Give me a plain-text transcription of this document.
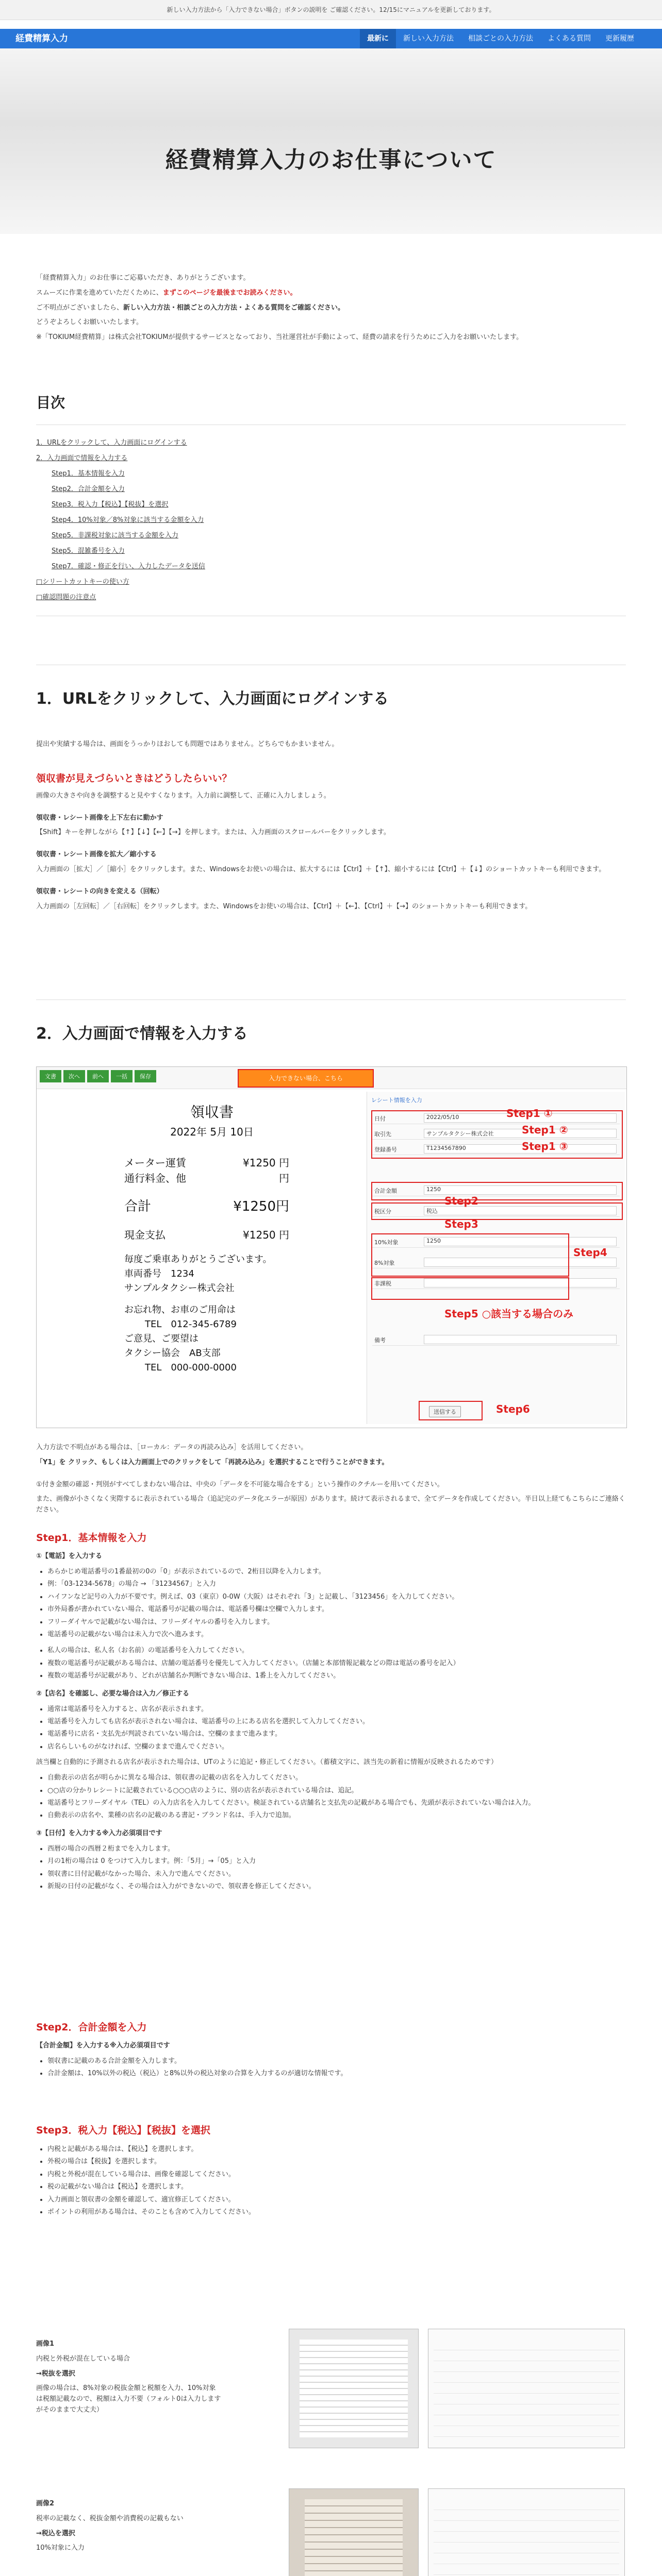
新しい入力方法から「入力できない場合」ボタンの説明を ご確認ください。12/15にマニュアルを更新しております。
経費精算入力	最新に	新しい入力方法	相談ごとの入力方法	よくある質問	更新履歴
経費精算入力のお仕事について

「経費精算入力」のお仕事にご応募いただき、ありがとうございます。

スムーズに作業を進めていただくために、まずこのページを最後までお読みください。

ご不明点がございましたら、新しい入力方法・相談ごとの入力方法・よくある質問をご確認ください。

どうぞよろしくお願いいたします。

※「TOKIUM経費精算」は株式会社TOKIUMが提供するサービスとなっており、当社運営社が手動によって、経費の請求を行うためにご入力をお願いいたします。

目次
1．URLをクリックして、入力画面にログインする
2．入力画面で情報を入力する
Step1．基本情報を入力
Step2．合計金額を入力
Step3．税入力【税込】【税抜】を選択
Step4．10%対象／8%対象に該当する金額を入力
Step5．非課税対象に該当する金額を入力
Step5．混雑番号を入力
Step7．確認・修正を行い、入力したデータを送信
□シリートカットキーの使い方
□確認問題の注意点
1．URLをクリックして、入力画面にログインする

提出や実績する場合は、画面をうっかりほおしても問題ではありません。どちらでもかまいません。

領収書が見えづらいときはどうしたらいい？

画像の大きさや向きを調整すると見やすくなります。入力前に調整して、正確に入力しましょう。

領収書・レシート画像を上下左右に動かす

【Shift】キーを押しながら【↑】【↓】【←】【→】を押します。または、入力画面のスクロールバーをクリックします。

領収書・レシート画像を拡大／縮小する

入力画面の［拡大］／［縮小］をクリックします。また、Windowsをお使いの場合は、拡大するには【Ctrl】＋【↑】、縮小するには【Ctrl】＋【↓】のショートカットキーも利用できます。

領収書・レシートの向きを変える（回転）

入力画面の［左回転］／［右回転］をクリックします。また、Windowsをお使いの場合は、【Ctrl】＋【←】、【Ctrl】＋【→】のショートカットキーも利用できます。

2．入力画面で情報を入力する
文書	次へ	前へ	一括	保存	入力できない場合、こちら
領収書
2022年 5月 10日
メーター運賃	¥1250 円
通行料金、他	円
合計	¥1250円
現金支払	¥1250 円
毎度ご乗車ありがとうございます。
車両番号　1234
サンプルタクシー株式会社
お忘れ物、お車のご用命は
TEL　012-345-6789
ご意見、ご要望は
タクシー協会　AB支部
TEL　000-000-0000
レシート情報を入力
日付	2022/05/10
取引先	サンプルタクシー株式会社
登録番号	T1234567890
合計金額	1250
税区分	税込
10%対象	1250
8%対象
非課税
備考
送信する
Step1 ①
Step1 ②
Step1 ③
Step2
Step3
Step4
Step5 ○該当する場合のみ
Step6

入力方法で不明点がある場合は、［ローカル：データの再読み込み］を活用してください。

「Y1」を クリック、もしくは入力画面上でのクリックをして「再読み込み」を選択することで行うことができます。

①付き金額の確認・判別がすべてしまわない場合は、中央の「データを不可能な場合をする」という操作のクチルーを用いてください。

また、画像が小さくなく実際するに表示されている場合（追記完のデータ化エラーが原因）があります。続けて表示されるまで、全てデータを作成してください。半日以上経てもこちらにご連絡ください。

Step1．基本情報を入力

①【電話】を入力する

• あらかじめ電話番号の1番最初の0の「0」が表示されているので、2桁目以降を入力します。
• 例：「03-1234-5678」の場合 → 「31234567」と入力
• ハイフンなど記号の入力が不要です。例えば、03（東京）0-0W（大阪）はそれぞれ「3」と記載し、「3123456」を入力してください。
• 市外局番が書かれていない場合、電話番号が記載の場合は、電話番号欄は空欄で入力します。
• フリーダイヤルで記載がない場合は、フリーダイヤルの番号を入力します。
• 電話番号の記載がない場合は未入力で次へ進みます。
• 私人の場合は、私人名（お名前）の電話番号を入力してください。
• 複数の電話番号が記載がある場合は、店舗の電話番号を優先して入力してください。（店舗と本部情報記載などの際は電話の番号を記入）
• 複数の電話番号が記載があり、どれが店舗名か判断できない場合は、1番上を入力してください。

②【店名】を確認し、必要な場合は入力／修正する

• 通常は電話番号を入力すると、店名が表示されます。
• 電話番号を入力しても店名が表示されない場合は、電話番号の上にある店名を選択して入力してください。
• 電話番号に店名・支払先が判読されていない場合は、空欄のままで進みます。
• 店名らしいものがなければ、空欄のままで進んでください。

該当欄と自動的に予測される店名が表示された場合は、UTのように追記・修正してください。（蓄積文字に、該当先の新着に情報が反映されるためです）

• 自動表示の店名が明らかに異なる場合は、領収書の記載の店名を入力してください。
• ○○店の分かりレシートに記載されている○○○店のように、別の店名が表示されている場合は、追記。
• 電話番号とフリーダイヤル（TEL）の入力店名を入力してください。検証されている店舗名と支払先の記載がある場合でも、先頭が表示されていない場合は入力。
• 自動表示の店名や、業種の店名の記載のある書記・ブランド名は、手入力で追加。

③【日付】を入力する※入力必須項目です

• 西暦の場合の西暦２桁までを入力します。
• 月の1桁の場合は 0 をつけて入力します。例：「5月」→「05」と入力
• 領収書に日付記載がなかった場合、未入力で進んでください。
• 新規の日付の記載がなく、その場合は入力ができないので、領収書を修正してください。
Step2．合計金額を入力

【合計金額】を入力する※入力必須項目です

• 領収書に記載のある合計金額を入力します。
• 合計金額は、10%以外の税込（税込）と8%以外の税込対象の合算を入力するのが適切な情報です。
Step3．税入力【税込】【税抜】を選択
• 内税と記載がある場合は、【税込】を選択します。
• 外税の場合は【税抜】を選択します。
• 内税と外税が混在している場合は、画像を確認してください。
• 税の記載がない場合は【税込】を選択します。
• 入力画面と領収書の金額を確認して、適宜修正してください。
• ポイントの利用がある場合は、そのことも含めて入力してください。

画像1

内税と外税が混在している場合

→税抜を選択

画像の場合は、8%対象の税抜金額と税額を入力、10%対象は税額記載なので、税額は入力不要（フォルト0は入力しますがそのままで大丈夫）

画像2

税率の記載なく、税抜金額や消費税の記載もない

→税込を選択

10%対象に入力
